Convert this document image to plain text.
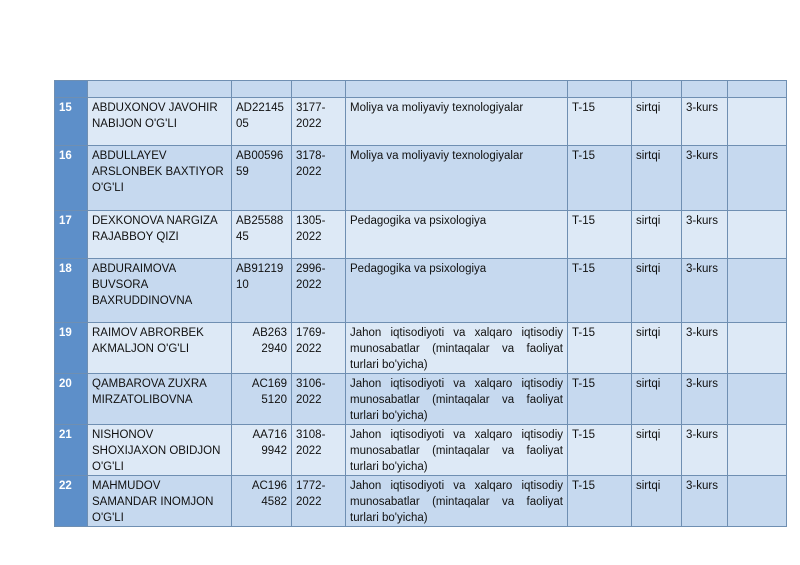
15	ABDUXONOV JAVOHIR NABIJON O'G'LI	AD22145 05	3177- 2022	Moliya va moliyaviy texnologiyalar	T-15	sirtqi	3-kurs	
16	ABDULLAYEV ARSLONBEK BAXTIYOR O'G'LI	AB00596 59	3178- 2022	Moliya va moliyaviy texnologiyalar	T-15	sirtqi	3-kurs	
17	DEXKONOVA NARGIZA RAJABBOY QIZI	AB25588 45	1305- 2022	Pedagogika va psixologiya	T-15	sirtqi	3-kurs	
18	ABDURAIMOVA BUVSORA BAXRUDDINOVNA	AB91219 10	2996- 2022	Pedagogika va psixologiya	T-15	sirtqi	3-kurs	
19	RAIMOV ABRORBEK AKMALJON O'G'LI	AB263 2940	1769- 2022	Jahon iqtisodiyoti va xalqaro iqtisodiy munosabatlar (mintaqalar va faoliyat turlari bo'yicha)	T-15	sirtqi	3-kurs	
20	QAMBAROVA ZUXRA MIRZATOLIBOVNA	AC169 5120	3106- 2022	Jahon iqtisodiyoti va xalqaro iqtisodiy munosabatlar (mintaqalar va faoliyat turlari bo'yicha)	T-15	sirtqi	3-kurs	
21	NISHONOV SHOXIJAXON OBIDJON O'G'LI	AA716 9942	3108- 2022	Jahon iqtisodiyoti va xalqaro iqtisodiy munosabatlar (mintaqalar va faoliyat turlari bo'yicha)	T-15	sirtqi	3-kurs	
22	MAHMUDOV SAMANDAR INOMJON O'G'LI	AC196 4582	1772- 2022	Jahon iqtisodiyoti va xalqaro iqtisodiy munosabatlar (mintaqalar va faoliyat turlari bo'yicha)	T-15	sirtqi	3-kurs	
